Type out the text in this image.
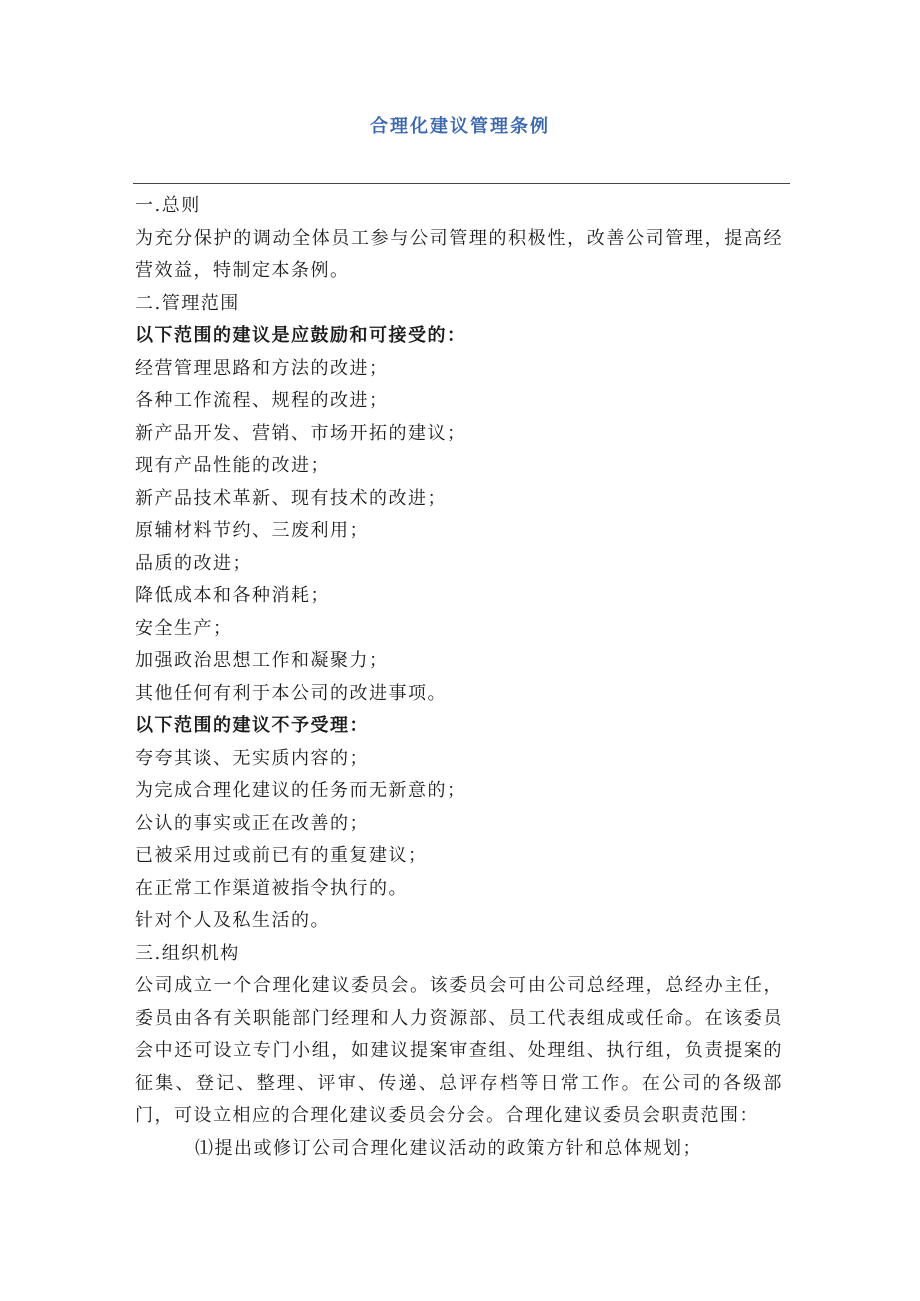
合理化建议管理条例

一.总则

为充分保护的调动全体员工参与公司管理的积极性，改善公司管理，提高经营效益，特制定本条例。

二.管理范围

以下范围的建议是应鼓励和可接受的：

经营管理思路和方法的改进；

各种工作流程、规程的改进；

新产品开发、营销、市场开拓的建议；

现有产品性能的改进；

新产品技术革新、现有技术的改进；

原辅材料节约、三废利用；

品质的改进；

降低成本和各种消耗；

安全生产；

加强政治思想工作和凝聚力；

其他任何有利于本公司的改进事项。

以下范围的建议不予受理：

夸夸其谈、无实质内容的；

为完成合理化建议的任务而无新意的；

公认的事实或正在改善的；

已被采用过或前已有的重复建议；

在正常工作渠道被指令执行的。

针对个人及私生活的。

三.组织机构

公司成立一个合理化建议委员会。该委员会可由公司总经理，总经办主任，委员由各有关职能部门经理和人力资源部、员工代表组成或任命。在该委员会中还可设立专门小组，如建议提案审查组、处理组、执行组，负责提案的征集、登记、整理、评审、传递、总评存档等日常工作。在公司的各级部门，可设立相应的合理化建议委员会分会。合理化建议委员会职责范围：

⑴提出或修订公司合理化建议活动的政策方针和总体规划；
